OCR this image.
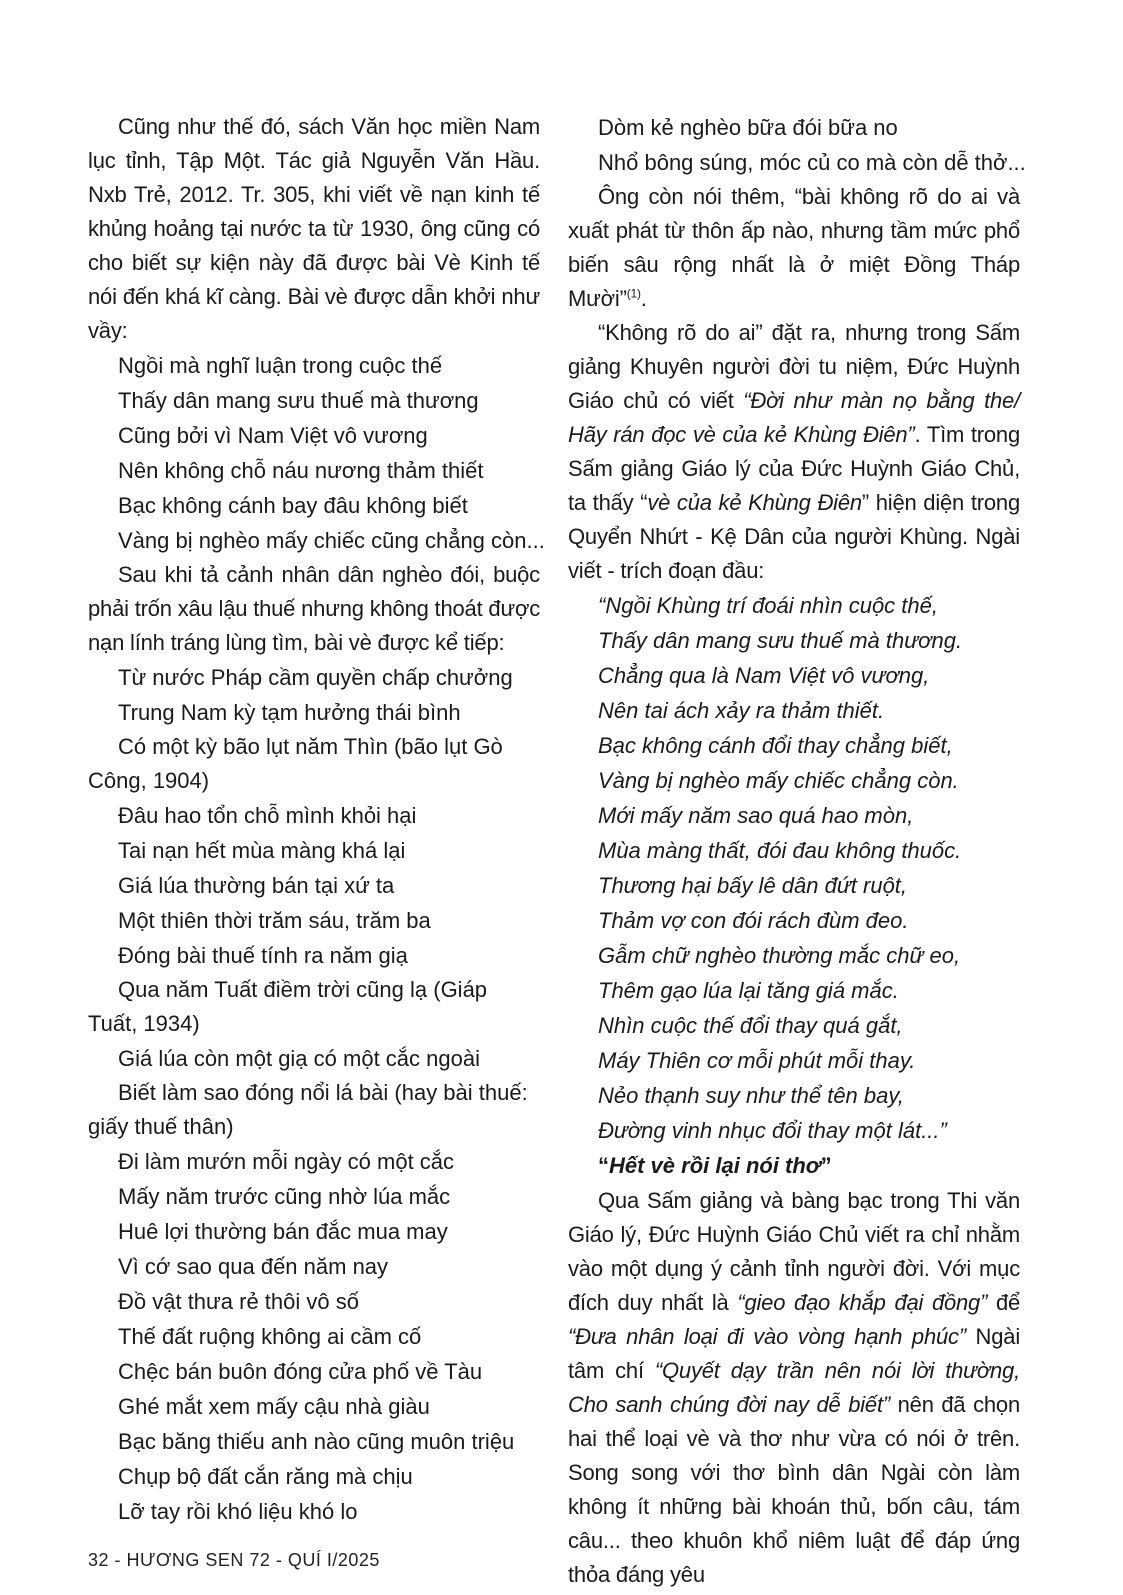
Cũng như thế đó, sách Văn học miền Nam lục tỉnh, Tập Một. Tác giả Nguyễn Văn Hầu. Nxb Trẻ, 2012. Tr. 305, khi viết về nạn kinh tế khủng hoảng tại nước ta từ 1930, ông cũng có cho biết sự kiện này đã được bài Vè Kinh tế nói đến khá kĩ càng. Bài vè được dẫn khởi như vầy:

Ngồi mà nghĩ luận trong cuộc thế

Thấy dân mang sưu thuế mà thương

Cũng bởi vì Nam Việt vô vương

Nên không chỗ náu nương thảm thiết

Bạc không cánh bay đâu không biết

Vàng bị nghèo mấy chiếc cũng chẳng còn...

Sau khi tả cảnh nhân dân nghèo đói, buộc phải trốn xâu lậu thuế nhưng không thoát được nạn lính tráng lùng tìm, bài vè được kể tiếp:

Từ nước Pháp cầm quyền chấp chưởng

Trung Nam kỳ tạm hưởng thái bình

Có một kỳ bão lụt năm Thìn (bão lụt Gò Công, 1904)

Đâu hao tổn chỗ mình khỏi hại

Tai nạn hết mùa màng khá lại

Giá lúa thường bán tại xứ ta

Một thiên thời trăm sáu, trăm ba

Đóng bài thuế tính ra năm giạ

Qua năm Tuất điềm trời cũng lạ (Giáp Tuất, 1934)

Giá lúa còn một giạ có một cắc ngoài

Biết làm sao đóng nổi lá bài (hay bài thuế: giấy thuế thân)

Đi làm mướn mỗi ngày có một cắc

Mấy năm trước cũng nhờ lúa mắc

Huê lợi thường bán đắc mua may

Vì cớ sao qua đến năm nay

Đồ vật thưa rẻ thôi vô số

Thế đất ruộng không ai cầm cố

Chệc bán buôn đóng cửa phố về Tàu

Ghé mắt xem mấy cậu nhà giàu

Bạc băng thiếu anh nào cũng muôn triệu

Chụp bộ đất cắn răng mà chịu

Lỡ tay rồi khó liệu khó lo

Dòm kẻ nghèo bữa đói bữa no

Nhổ bông súng, móc củ co mà còn dễ thở...

Ông còn nói thêm, “bài không rõ do ai và xuất phát từ thôn ấp nào, nhưng tầm mức phổ biến sâu rộng nhất là ở miệt Đồng Tháp Mười”$^{(1)}$.

“Không rõ do ai” đặt ra, nhưng trong Sấm giảng Khuyên người đời tu niệm, Đức Huỳnh Giáo chủ có viết “Đời như màn nọ bằng the/ Hãy rán đọc vè của kẻ Khùng Điên”. Tìm trong Sấm giảng Giáo lý của Đức Huỳnh Giáo Chủ, ta thấy “vè của kẻ Khùng Điên” hiện diện trong Quyển Nhứt - Kệ Dân của người Khùng. Ngài viết - trích đoạn đầu:

“Ngồi Khùng trí đoái nhìn cuộc thế,

Thấy dân mang sưu thuế mà thương.

Chẳng qua là Nam Việt vô vương,

Nên tai ách xảy ra thảm thiết.

Bạc không cánh đổi thay chẳng biết,

Vàng bị nghèo mấy chiếc chẳng còn.

Mới mấy năm sao quá hao mòn,

Mùa màng thất, đói đau không thuốc.

Thương hại bấy lê dân đứt ruột,

Thảm vợ con đói rách đùm đeo.

Gẫm chữ nghèo thường mắc chữ eo,

Thêm gạo lúa lại tăng giá mắc.

Nhìn cuộc thế đổi thay quá gắt,

Máy Thiên cơ mỗi phút mỗi thay.

Nẻo thạnh suy như thể tên bay,

Đường vinh nhục đổi thay một lát...”

“Hết vè rồi lại nói thơ”

Qua Sấm giảng và bàng bạc trong Thi văn Giáo lý, Đức Huỳnh Giáo Chủ viết ra chỉ nhằm vào một dụng ý cảnh tỉnh người đời. Với mục đích duy nhất là “gieo đạo khắp đại đồng” để “Đưa nhân loại đi vào vòng hạnh phúc” Ngài tâm chí “Quyết dạy trần nên nói lời thường, Cho sanh chúng đời nay dễ biết” nên đã chọn hai thể loại vè và thơ như vừa có nói ở trên. Song song với thơ bình dân Ngài còn làm không ít những bài khoán thủ, bốn câu, tám câu... theo khuôn khổ niêm luật để đáp ứng thỏa đáng yêu

32 - HƯƠNG SEN 72 - QUÍ I/2025
